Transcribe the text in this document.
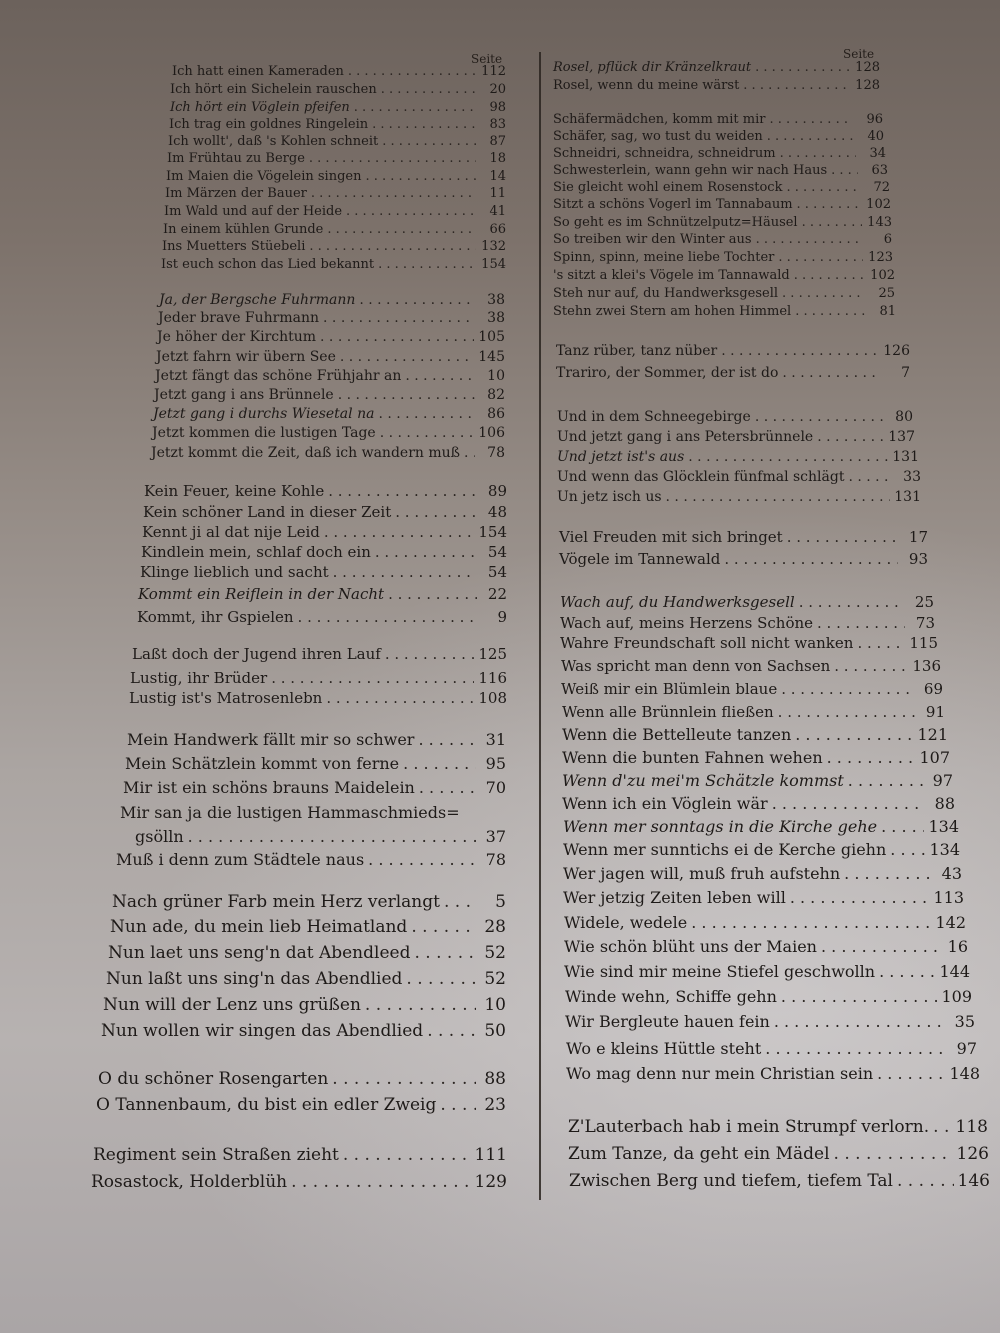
Seite	Seite
Ich hatt einen Kameraden . . .	112
Ich hört ein Sichelein rauschen . . .	20
Ich hört ein Vöglein pfeifen . . .	98
Ich trag ein goldnes Ringelein . . .	83
Ich wollt', daß 's Kohlen schneit . . .	87
Im Frühtau zu Berge . . .	18
Im Maien die Vögelein singen . . .	14
Im Märzen der Bauer . . .	11
Im Wald und auf der Heide . . .	41
In einem kühlen Grunde . . .	66
Ins Muetters Stüebeli . . .	132
Ist euch schon das Lied bekannt . . .	154
Ja, der Bergsche Fuhrmann . . .	38
Jeder brave Fuhrmann . . .	38
Je höher der Kirchtum . . .	105
Jetzt fahrn wir übern See . . .	145
Jetzt fängt das schöne Frühjahr an . . .	10
Jetzt gang i ans Brünnele . . .	82
Jetzt gang i durchs Wiesetal na . . .	86
Jetzt kommen die lustigen Tage . . .	106
Jetzt kommt die Zeit, daß ich wandern muß . . .	78
Kein Feuer, keine Kohle . . .	89
Kein schöner Land in dieser Zeit . . .	48
Kennt ji al dat nije Leid . . .	154
Kindlein mein, schlaf doch ein . . .	54
Klinge lieblich und sacht . . .	54
Kommt ein Reiflein in der Nacht . . .	22
Kommt, ihr Gspielen . . .	9
Laßt doch der Jugend ihren Lauf . . .	125
Lustig, ihr Brüder . . .	116
Lustig ist's Matrosenlebn . . .	108
Mein Handwerk fällt mir so schwer . . .	31
Mein Schätzlein kommt von ferne . . .	95
Mir ist ein schöns brauns Maidelein . . .	70
Mir san ja die lustigen Hammaschmieds=
gsölln . . .	37
Muß i denn zum Städtele naus . . .	78
Nach grüner Farb mein Herz verlangt . . .	5
Nun ade, du mein lieb Heimatland . . .	28
Nun laet uns seng'n dat Abendleed . . .	52
Nun laßt uns sing'n das Abendlied . . .	52
Nun will der Lenz uns grüßen . . .	10
Nun wollen wir singen das Abendlied . . .	50
O du schöner Rosengarten . . .	88
O Tannenbaum, du bist ein edler Zweig . . .	23
Regiment sein Straßen zieht . . .	111
Rosastock, Holderblüh . . .	129
Rosel, pflück dir Kränzelkraut . . .	128
Rosel, wenn du meine wärst . . .	128
Schäfermädchen, komm mit mir . . .	96
Schäfer, sag, wo tust du weiden . . .	40
Schneidri, schneidra, schneidrum . . .	34
Schwesterlein, wann gehn wir nach Haus . . .	63
Sie gleicht wohl einem Rosenstock . . .	72
Sitzt a schöns Vogerl im Tannabaum . . .	102
So geht es im Schnützelputz=Häusel . . .	143
So treiben wir den Winter aus . . .	6
Spinn, spinn, meine liebe Tochter . . .	123
's sitzt a klei's Vögele im Tannawald . . .	102
Steh nur auf, du Handwerksgesell . . .	25
Stehn zwei Stern am hohen Himmel . . .	81
Tanz rüber, tanz nüber . . .	126
Trariro, der Sommer, der ist do . . .	7
Und in dem Schneegebirge . . .	80
Und jetzt gang i ans Petersbrünnele . . .	137
Und jetzt ist's aus . . .	131
Und wenn das Glöcklein fünfmal schlägt . . .	33
Un jetz isch us . . .	131
Viel Freuden mit sich bringet . . .	17
Vögele im Tannewald . . .	93
Wach auf, du Handwerksgesell . . .	25
Wach auf, meins Herzens Schöne . . .	73
Wahre Freundschaft soll nicht wanken . . .	115
Was spricht man denn von Sachsen . . .	136
Weiß mir ein Blümlein blaue . . .	69
Wenn alle Brünnlein fließen . . .	91
Wenn die Bettelleute tanzen . . .	121
Wenn die bunten Fahnen wehen . . .	107
Wenn d'zu mei'm Schätzle kommst . . .	97
Wenn ich ein Vöglein wär . . .	88
Wenn mer sonntags in die Kirche gehe . . .	134
Wenn mer sunntichs ei de Kerche giehn . . .	134
Wer jagen will, muß fruh aufstehn . . .	43
Wer jetzig Zeiten leben will . . .	113
Widele, wedele . . .	142
Wie schön blüht uns der Maien . . .	16
Wie sind mir meine Stiefel geschwolln . . .	144
Winde wehn, Schiffe gehn . . .	109
Wir Bergleute hauen fein . . .	35
Wo e kleins Hüttle steht . . .	97
Wo mag denn nur mein Christian sein . . .	148
Z'Lauterbach hab i mein Strumpf verlorn. . . . 118
Zum Tanze, da geht ein Mädel . . .	126
Zwischen Berg und tiefem, tiefem Tal . . .	146
